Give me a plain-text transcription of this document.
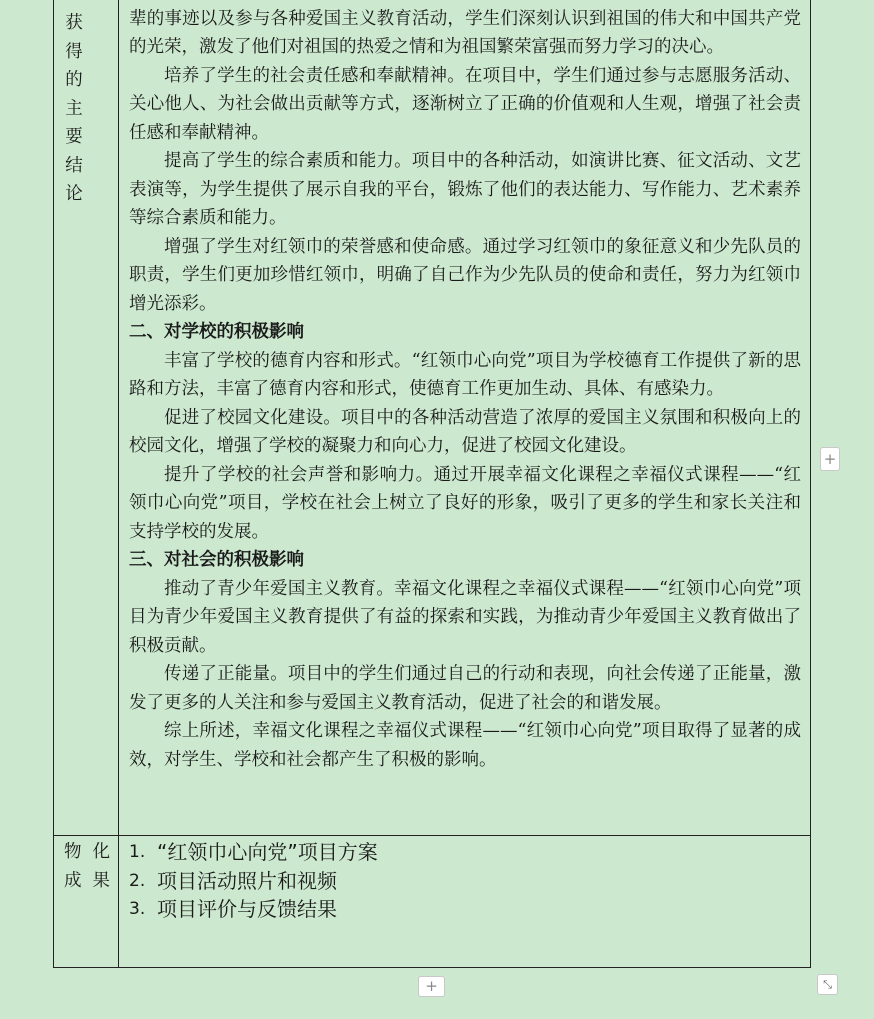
获
得
的
主
要
结
论
物化成果

辈的事迹以及参与各种爱国主义教育活动，学生们深刻认识到祖国的伟大和中国共产党的光荣，激发了他们对祖国的热爱之情和为祖国繁荣富强而努力学习的决心。

培养了学生的社会责任感和奉献精神。在项目中，学生们通过参与志愿服务活动、关心他人、为社会做出贡献等方式，逐渐树立了正确的价值观和人生观，增强了社会责任感和奉献精神。

提高了学生的综合素质和能力。项目中的各种活动，如演讲比赛、征文活动、文艺表演等，为学生提供了展示自我的平台，锻炼了他们的表达能力、写作能力、艺术素养等综合素质和能力。

增强了学生对红领巾的荣誉感和使命感。通过学习红领巾的象征意义和少先队员的职责，学生们更加珍惜红领巾，明确了自己作为少先队员的使命和责任，努力为红领巾增光添彩。

二、对学校的积极影响

丰富了学校的德育内容和形式。“红领巾心向党”项目为学校德育工作提供了新的思路和方法，丰富了德育内容和形式，使德育工作更加生动、具体、有感染力。

促进了校园文化建设。项目中的各种活动营造了浓厚的爱国主义氛围和积极向上的校园文化，增强了学校的凝聚力和向心力，促进了校园文化建设。

提升了学校的社会声誉和影响力。通过开展幸福文化课程之幸福仪式课程——“红领巾心向党”项目，学校在社会上树立了良好的形象，吸引了更多的学生和家长关注和支持学校的发展。

三、对社会的积极影响

推动了青少年爱国主义教育。幸福文化课程之幸福仪式课程——“红领巾心向党”项目为青少年爱国主义教育提供了有益的探索和实践，为推动青少年爱国主义教育做出了积极贡献。

传递了正能量。项目中的学生们通过自己的行动和表现，向社会传递了正能量，激发了更多的人关注和参与爱国主义教育活动，促进了社会的和谐发展。

综上所述，幸福文化课程之幸福仪式课程——“红领巾心向党”项目取得了显著的成效，对学生、学校和社会都产生了积极的影响。

1. “红领巾心向党”项目方案
2. 项目活动照片和视频
3. 项目评价与反馈结果
+
+	⤡
